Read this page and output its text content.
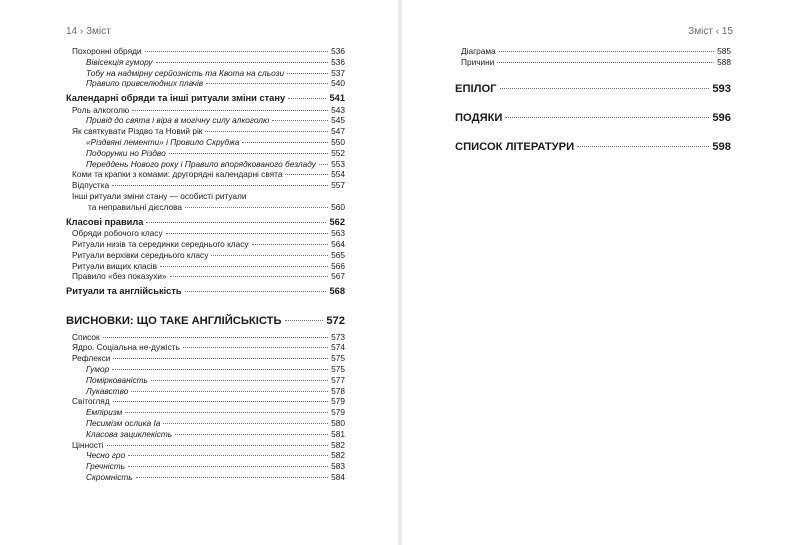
14 › Зміст
Похоронні обряди	536
Вівісекція гумору	536
Тобу на надмірну серйозність та Квота на сльози	537
Правило привселюдних плачів	540
Календарні обряди та інші ритуали зміни стану	541
Роль алкоголю	543
Привід до свята і віра в могічну силу алкоголю	545
Як святкувати Різдво та Новий рік	547
«Різдвяні лементи» і Провило Скруджа	550
Подорунки но Різдво	552
Переддень Нового року і Правило впорядкованого безладу 553
Коми та крапки з комами: другорядні календарні свята	554
Відпустка	557
Інші ритуали зміни стану — особисті ритуали
та неправильні дієслова	560
Класові правила	562
Обряди робочого класу	563
Ритуали низів та серединки середнього класу	564
Ритуали верхівки середнього класу	565
Ритуали вищих класів	566
Правило «без показухи»	567
Ритуали та англійськість	568
ВИСНОВКИ: ЩО ТАКЕ АНГЛІЙСЬКІСТЬ	572
Список	573
Ядро. Соціальна не-дужість	574
Рефлекси	575
Гумор	575
Поміркованість	577
Лукавство	578
Світогляд	579
Емпіризм	579
Песимізм ослика Іа	580
Класова зациклекість	581
Цінності	582
Чесно гро	582
Гречність	583
Скромність	584
Зміст ‹ 15
Діаграма	585
Причини	588
ЕПІЛОГ	593
ПОДЯКИ	596
СПИСОК ЛІТЕРАТУРИ	598
